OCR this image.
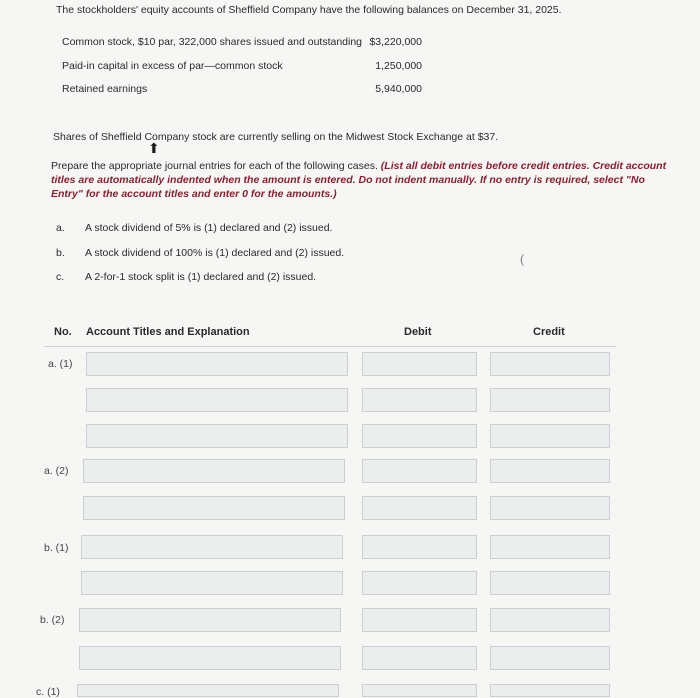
The stockholders' equity accounts of Sheffield Company have the following balances on December 31, 2025.
Common stock, $10 par, 322,000 shares issued and outstanding $3,220,000
Paid-in capital in excess of par—common stock	1,250,000
Retained earnings	5,940,000
Shares of Sheffield Company stock are currently selling on the Midwest Stock Exchange at $37.
⬆
Prepare the appropriate journal entries for each of the following cases. (List all debit entries before credit entries. Credit account titles are automatically indented when the amount is entered. Do not indent manually. If no entry is required, select "No Entry" for the account titles and enter 0 for the amounts.)
a. A stock dividend of 5% is (1) declared and (2) issued.
b. A stock dividend of 100% is (1) declared and (2) issued.
c. A 2-for-1 stock split is (1) declared and (2) issued.
(
No. Account Titles and Explanation	Debit	Credit
a. (1)
a. (2)
b. (1)
b. (2)
c. (1)
